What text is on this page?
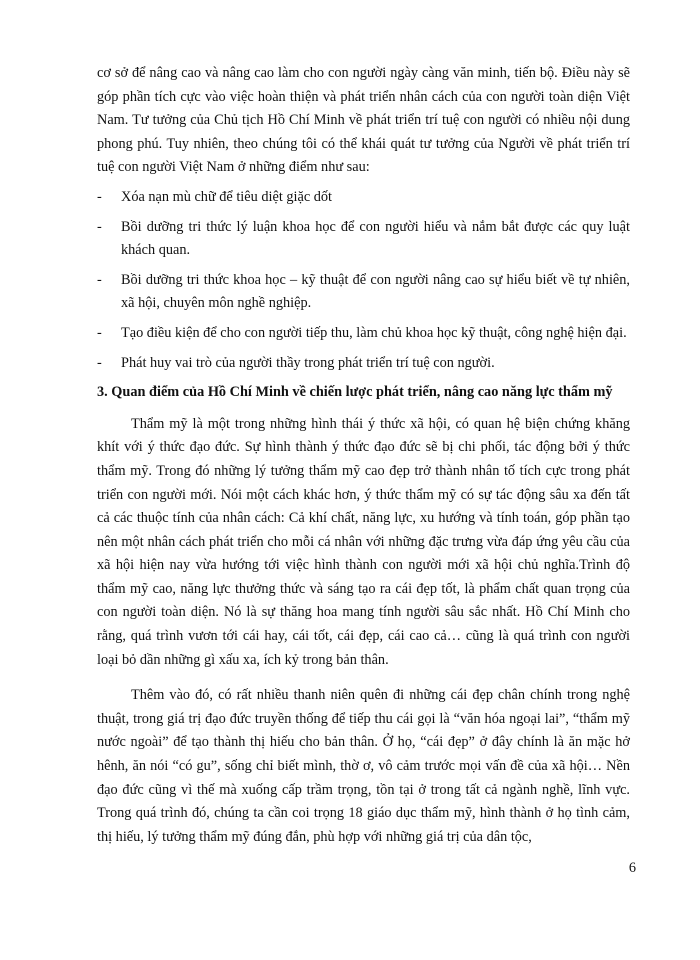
cơ sở để nâng cao và nâng cao làm cho con người ngày càng văn minh, tiến bộ. Điều này sẽ góp phần tích cực vào việc hoàn thiện và phát triển nhân cách của con người toàn diện Việt Nam. Tư tưởng của Chủ tịch Hồ Chí Minh về phát triển trí tuệ con người có nhiều nội dung phong phú. Tuy nhiên, theo chúng tôi có thể khái quát tư tưởng của Người về phát triển trí tuệ con người Việt Nam ở những điểm như sau:

- Xóa nạn mù chữ để tiêu diệt giặc dốt
- Bồi dưỡng tri thức lý luận khoa học để con người hiểu và nắm bắt được các quy luật khách quan.
- Bồi dưỡng tri thức khoa học – kỹ thuật để con người nâng cao sự hiểu biết về tự nhiên, xã hội, chuyên môn nghề nghiệp.
- Tạo điều kiện để cho con người tiếp thu, làm chủ khoa học kỹ thuật, công nghệ hiện đại.
- Phát huy vai trò của người thầy trong phát triển trí tuệ con người.
3. Quan điểm của Hồ Chí Minh về chiến lược phát triển, nâng cao năng lực thẩm mỹ

Thẩm mỹ là một trong những hình thái ý thức xã hội, có quan hệ biện chứng khăng khít với ý thức đạo đức. Sự hình thành ý thức đạo đức sẽ bị chi phối, tác động bởi ý thức thẩm mỹ. Trong đó những lý tưởng thẩm mỹ cao đẹp trở thành nhân tố tích cực trong phát triển con người mới. Nói một cách khác hơn, ý thức thẩm mỹ có sự tác động sâu xa đến tất cả các thuộc tính của nhân cách: Cả khí chất, năng lực, xu hướng và tính toán, góp phần tạo nên một nhân cách phát triển cho mỗi cá nhân với những đặc trưng vừa đáp ứng yêu cầu của xã hội hiện nay vừa hướng tới việc hình thành con người mới xã hội chủ nghĩa.Trình độ thẩm mỹ cao, năng lực thưởng thức và sáng tạo ra cái đẹp tốt, là phẩm chất quan trọng của con người toàn diện. Nó là sự thăng hoa mang tính người sâu sắc nhất. Hồ Chí Minh cho rằng, quá trình vươn tới cái hay, cái tốt, cái đẹp, cái cao cả… cũng là quá trình con người loại bỏ dần những gì xấu xa, ích kỷ trong bản thân.

Thêm vào đó, có rất nhiều thanh niên quên đi những cái đẹp chân chính trong nghệ thuật, trong giá trị đạo đức truyền thống để tiếp thu cái gọi là “văn hóa ngoại lai”, “thẩm mỹ nước ngoài” để tạo thành thị hiếu cho bản thân. Ở họ, “cái đẹp” ở đây chính là ăn mặc hở hênh, ăn nói “có gu”, sống chỉ biết mình, thờ ơ, vô cảm trước mọi vấn đề của xã hội… Nền đạo đức cũng vì thế mà xuống cấp trầm trọng, tồn tại ở trong tất cả ngành nghề, lĩnh vực. Trong quá trình đó, chúng ta cần coi trọng 18 giáo dục thẩm mỹ, hình thành ở họ tình cảm, thị hiếu, lý tưởng thẩm mỹ đúng đắn, phù hợp với những giá trị của dân tộc,

6
